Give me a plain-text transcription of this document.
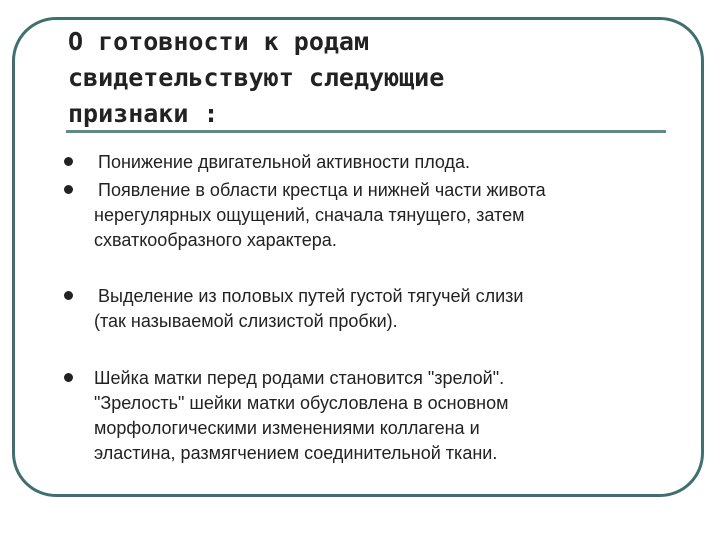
О готовности к родам
свидетельствуют следующие
признаки :
Понижение двигательной активности плода.
Появление в области крестца и нижней части живота
нерегулярных ощущений, сначала тянущего, затем
схваткообразного характера.
Выделение из половых путей густой тягучей слизи
(так называемой слизистой пробки).
Шейка матки перед родами становится "зрелой".
"Зрелость" шейки матки обусловлена в основном
морфологическими изменениями коллагена и
эластина, размягчением соединительной ткани.
